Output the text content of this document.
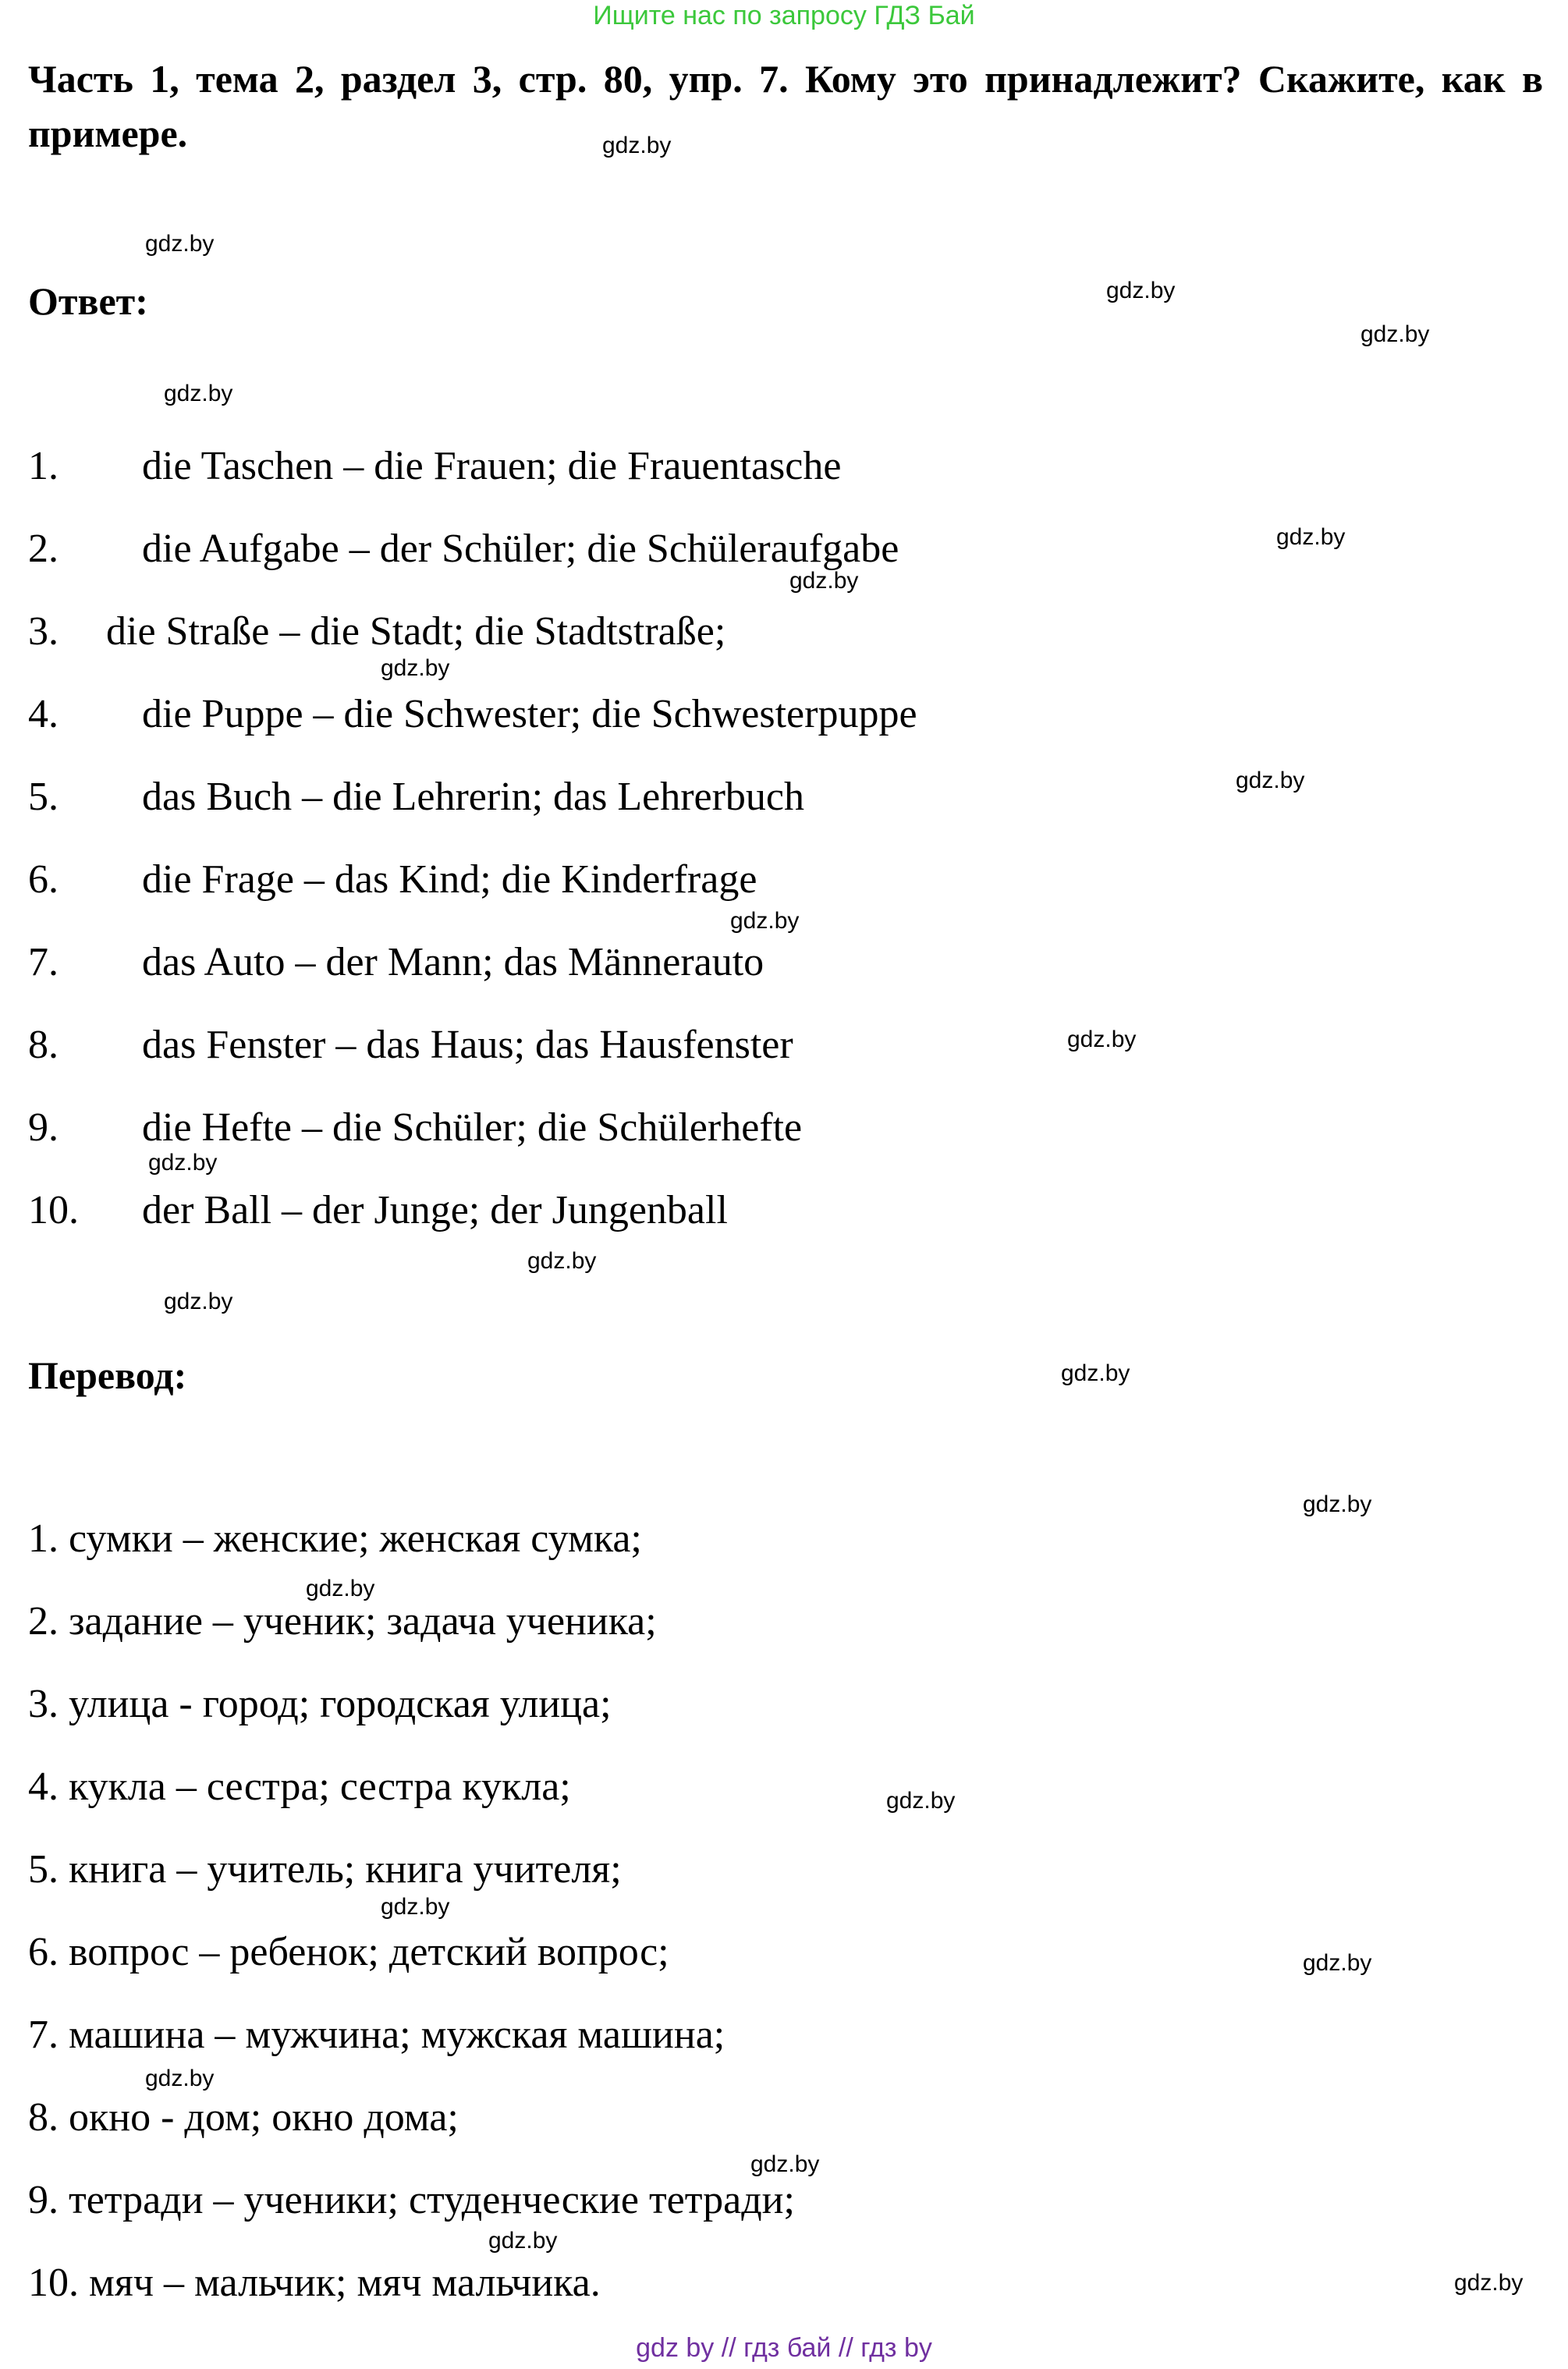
Ищите нас по запросу ГДЗ Бай
Часть 1, тема 2, раздел 3, стр. 80, упр. 7. Кому это принадлежит? Скажите, как в примере.
Ответ:
1. die Taschen – die Frauen; die Frauentasche
2. die Aufgabe – der Schüler; die Schüleraufgabe
3. die Straße – die Stadt; die Stadtstraße;
4. die Puppe – die Schwester; die Schwesterpuppe
5. das Buch – die Lehrerin; das Lehrerbuch
6. die Frage – das Kind; die Kinderfrage
7. das Auto – der Mann; das Männerauto
8. das Fenster – das Haus; das Hausfenster
9. die Hefte – die Schüler; die Schülerhefte
10. der Ball – der Junge; der Jungenball
Перевод:
1. сумки – женские; женская сумка;
2. задание – ученик; задача ученика;
3. улица - город; городская улица;
4. кукла – сестра; сестра кукла;
5. книга – учитель; книга учителя;
6. вопрос – ребенок; детский вопрос;
7. машина – мужчина; мужская машина;
8. окно - дом; окно дома;
9. тетради – ученики; студенческие тетради;
10. мяч – мальчик; мяч мальчика.
gdz.by
gdz.by
gdz.by
gdz.by
gdz.by
gdz.by
gdz.by
gdz.by
gdz.by
gdz.by
gdz.by
gdz.by
gdz.by
gdz.by
gdz.by
gdz.by
gdz.by
gdz.by
gdz.by
gdz.by
gdz.by
gdz.by
gdz.by
gdz.by
gdz by // гдз бай // гдз by
